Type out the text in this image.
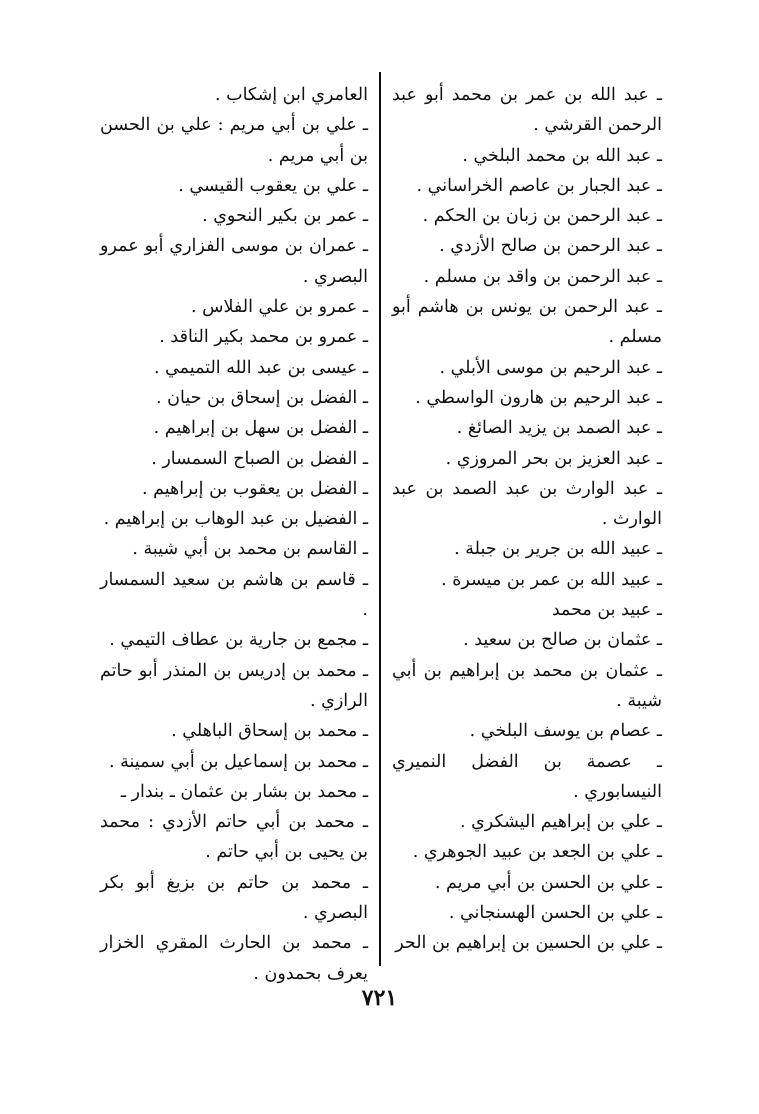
ـ عبد الله بن عمر بن محمد أبو عبد الرحمن القرشي .

ـ عبد الله بن محمد البلخي .

ـ عبد الجبار بن عاصم الخراساني .

ـ عبد الرحمن بن زبان بن الحكم .

ـ عبد الرحمن بن صالح الأزدي .

ـ عبد الرحمن بن واقد بن مسلم .

ـ عبد الرحمن بن يونس بن هاشم أبو مسلم .

ـ عبد الرحيم بن موسى الأبلي .

ـ عبد الرحيم بن هارون الواسطي .

ـ عبد الصمد بن يزيد الصائغ .

ـ عبد العزيز بن بحر المروزي .

ـ عبد الوارث بن عبد الصمد بن عبد الوارث .

ـ عبيد الله بن جرير بن جبلة .

ـ عبيد الله بن عمر بن ميسرة .

ـ عبيد بن محمد

ـ عثمان بن صالح بن سعيد .

ـ عثمان بن محمد بن إبراهيم بن أبي شيبة .

ـ عصام بن يوسف البلخي .

ـ عصمة بن الفضل النميري النيسابوري .

ـ علي بن إبراهيم اليشكري .

ـ علي بن الجعد بن عبيد الجوهري .

ـ علي بن الحسن بن أبي مريم .

ـ علي بن الحسن الهسنجاني .

ـ علي بن الحسين بن إبراهيم بن الحر

العامري ابن إشكاب .

ـ علي بن أبي مريم : علي بن الحسن بن أبي مريم .

ـ علي بن يعقوب القيسي .

ـ عمر بن بكير النحوي .

ـ عمران بن موسى الفزاري أبو عمرو البصري .

ـ عمرو بن علي الفلاس .

ـ عمرو بن محمد بكير الناقد .

ـ عيسى بن عبد الله التميمي .

ـ الفضل بن إسحاق بن حيان .

ـ الفضل بن سهل بن إبراهيم .

ـ الفضل بن الصباح السمسار .

ـ الفضل بن يعقوب بن إبراهيم .

ـ الفضيل بن عبد الوهاب بن إبراهيم .

ـ القاسم بن محمد بن أبي شيبة .

ـ قاسم بن هاشم بن سعيد السمسار .

ـ مجمع بن جارية بن عطاف التيمي .

ـ محمد بن إدريس بن المنذر أبو حاتم الرازي .

ـ محمد بن إسحاق الباهلي .

ـ محمد بن إسماعيل بن أبي سمينة .

ـ محمد بن بشار بن عثمان ـ بندار ـ

ـ محمد بن أبي حاتم الأزدي : محمد بن يحيى بن أبي حاتم .

ـ محمد بن حاتم بن بزيغ أبو بكر البصري .

ـ محمد بن الحارث المقري الخزار يعرف بحمدون .

٧٢١
